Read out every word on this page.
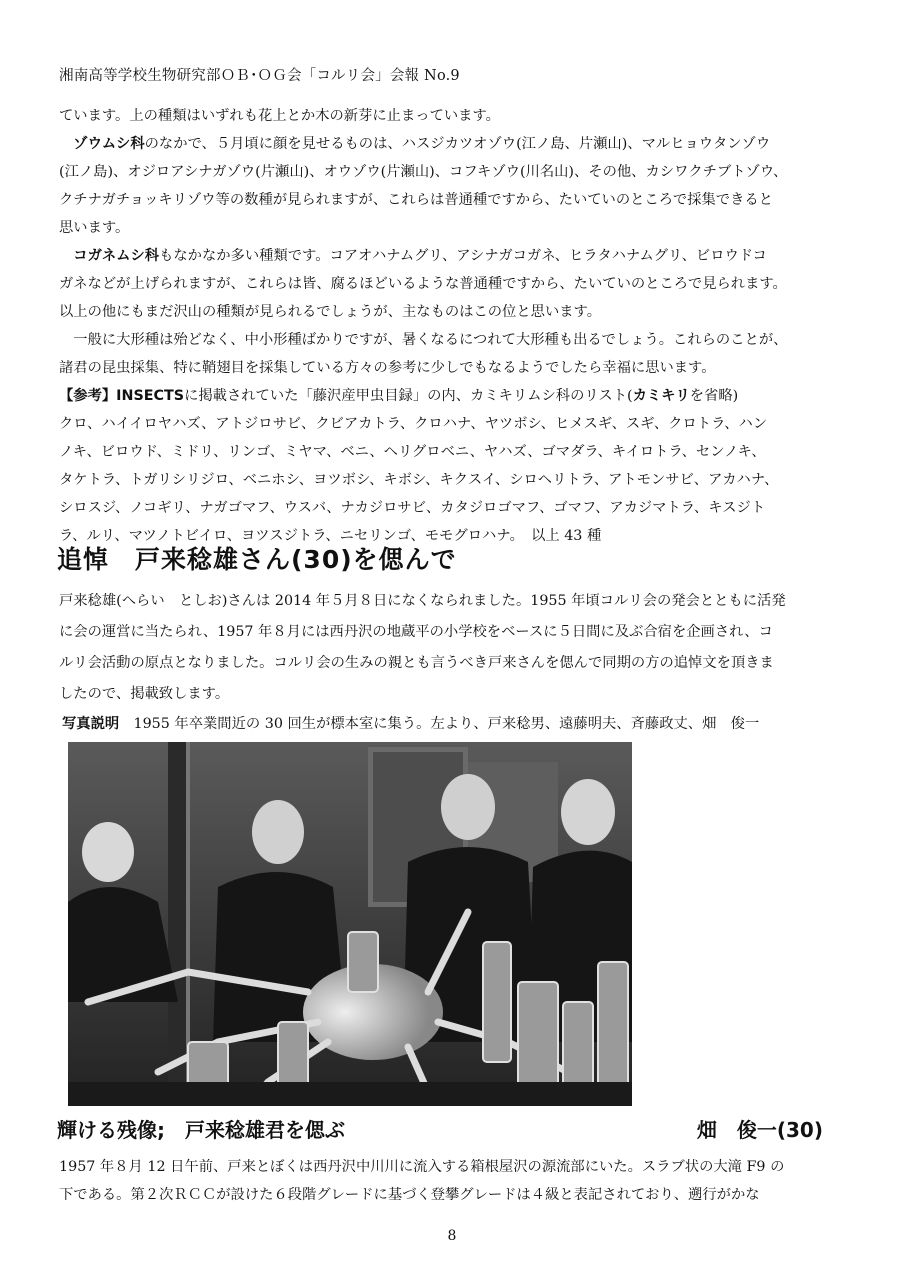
湘南高等学校生物研究部ＯＢ･ＯＧ会「コルリ会」会報 No.9

ています。上の種類はいずれも花上とか木の新芽に止まっています。

　ゾウムシ科のなかで、５月頃に顔を見せるものは、ハスジカツオゾウ(江ノ島、片瀬山)、マルヒョウタンゾウ

(江ノ島)、オジロアシナガゾウ(片瀬山)、オウゾウ(片瀬山)、コフキゾウ(川名山)、その他、カシワクチブトゾウ、

クチナガチョッキリゾウ等の数種が見られますが、これらは普通種ですから、たいていのところで採集できると

思います。

　コガネムシ科もなかなか多い種類です。コアオハナムグリ、アシナガコガネ、ヒラタハナムグリ、ビロウドコ

ガネなどが上げられますが、これらは皆、腐るほどいるような普通種ですから、たいていのところで見られます。

以上の他にもまだ沢山の種類が見られるでしょうが、主なものはこの位と思います。

　一般に大形種は殆どなく、中小形種ばかりですが、暑くなるにつれて大形種も出るでしょう。これらのことが、

諸君の昆虫採集、特に鞘翅目を採集している方々の参考に少しでもなるようでしたら幸福に思います。

【参考】INSECTSに掲載されていた「藤沢産甲虫目録」の内、カミキリムシ科のリスト(カミキリを省略)

クロ、ハイイロヤハズ、アトジロサビ、クビアカトラ、クロハナ、ヤツボシ、ヒメスギ、スギ、クロトラ、ハン

ノキ、ビロウド、ミドリ、リンゴ、ミヤマ、ベニ、ヘリグロベニ、ヤハズ、ゴマダラ、キイロトラ、センノキ、

タケトラ、トガリシリジロ、ベニホシ、ヨツボシ、キボシ、キクスイ、シロヘリトラ、アトモンサビ、アカハナ、

シロスジ、ノコギリ、ナガゴマフ、ウスバ、ナカジロサビ、カタジロゴマフ、ゴマフ、アカジマトラ、キスジト

ラ、ルリ、マツノトビイロ、ヨツスジトラ、ニセリンゴ、モモグロハナ。　以上 43 種

追悼　戸来稔雄さん(30)を偲んで

戸来稔雄(へらい　としお)さんは 2014 年５月８日になくなられました。1955 年頃コルリ会の発会とともに活発

に会の運営に当たられ、1957 年８月には西丹沢の地蔵平の小学校をベースに５日間に及ぶ合宿を企画され、コ

ルリ会活動の原点となりました。コルリ会の生みの親とも言うべき戸来さんを偲んで同期の方の追悼文を頂きま

したので、掲載致します。

写真説明　1955 年卒業間近の 30 回生が標本室に集う。左より、戸来稔男、遠藤明夫、斉藤政丈、畑　俊一
輝ける残像;　戸来稔雄君を偲ぶ	畑　俊一(30)

1957 年８月 12 日午前、戸来とぼくは西丹沢中川川に流入する箱根屋沢の源流部にいた。スラブ状の大滝 F9 の

下である。第２次ＲＣＣが設けた６段階グレードに基づく登攀グレードは４級と表記されており、遡行がかな

8
